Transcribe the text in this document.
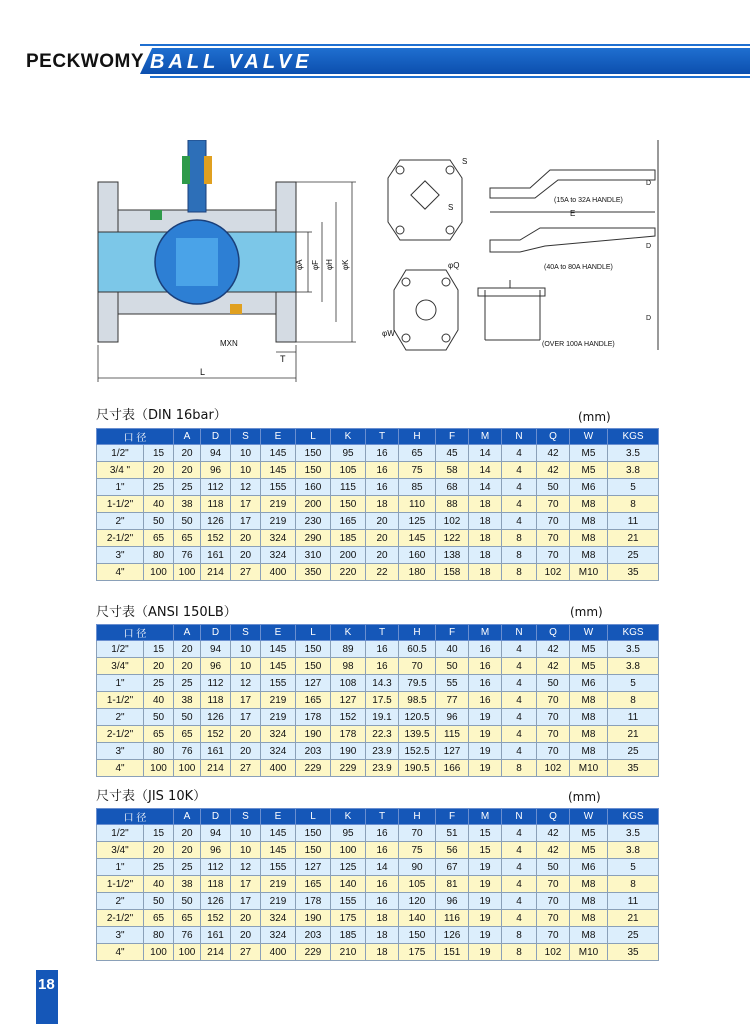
PECKWOMY BALL VALVE
L
T
MXN
φA φF φH φK
S
S
φQ
φW
(15A to 32A HANDLE)
E
(40A to 80A HANDLE)
(OVER 100A HANDLE)
D
D
D
尺寸表（DIN 16bar）	(mm)
口 径		A	D	S	E	L	K	T	H	F	M	N	Q	W	KGS
1/2"	15	20	94	10	145	150	95	16	65	45	14	4	42	M5	3.5
3/4 "	20	20	96	10	145	150	105	16	75	58	14	4	42	M5	3.8
1"	25	25	112	12	155	160	115	16	85	68	14	4	50	M6	5
1-1/2"	40	38	118	17	219	200	150	18	110	88	18	4	70	M8	8
2"	50	50	126	17	219	230	165	20	125	102	18	4	70	M8	11
2-1/2"	65	65	152	20	324	290	185	20	145	122	18	8	70	M8	21
3"	80	76	161	20	324	310	200	20	160	138	18	8	70	M8	25
4"	100	100	214	27	400	350	220	22	180	158	18	8	102	M10	35
尺寸表（ANSI 150LB）	(mm)
口 径		A	D	S	E	L	K	T	H	F	M	N	Q	W	KGS
1/2"	15	20	94	10	145	150	89	16	60.5	40	16	4	42	M5	3.5
3/4"	20	20	96	10	145	150	98	16	70	50	16	4	42	M5	3.8
1"	25	25	112	12	155	127	108	14.3	79.5	55	16	4	50	M6	5
1-1/2"	40	38	118	17	219	165	127	17.5	98.5	77	16	4	70	M8	8
2"	50	50	126	17	219	178	152	19.1	120.5	96	19	4	70	M8	11
2-1/2"	65	65	152	20	324	190	178	22.3	139.5	115	19	4	70	M8	21
3"	80	76	161	20	324	203	190	23.9	152.5	127	19	4	70	M8	25
4"	100	100	214	27	400	229	229	23.9	190.5	166	19	8	102	M10	35
尺寸表（JIS 10K）	(mm)
口 径		A	D	S	E	L	K	T	H	F	M	N	Q	W	KGS
1/2"	15	20	94	10	145	150	95	16	70	51	15	4	42	M5	3.5
3/4"	20	20	96	10	145	150	100	16	75	56	15	4	42	M5	3.8
1"	25	25	112	12	155	127	125	14	90	67	19	4	50	M6	5
1-1/2"	40	38	118	17	219	165	140	16	105	81	19	4	70	M8	8
2"	50	50	126	17	219	178	155	16	120	96	19	4	70	M8	11
2-1/2"	65	65	152	20	324	190	175	18	140	116	19	4	70	M8	21
3"	80	76	161	20	324	203	185	18	150	126	19	8	70	M8	25
4"	100	100	214	27	400	229	210	18	175	151	19	8	102	M10	35
18
